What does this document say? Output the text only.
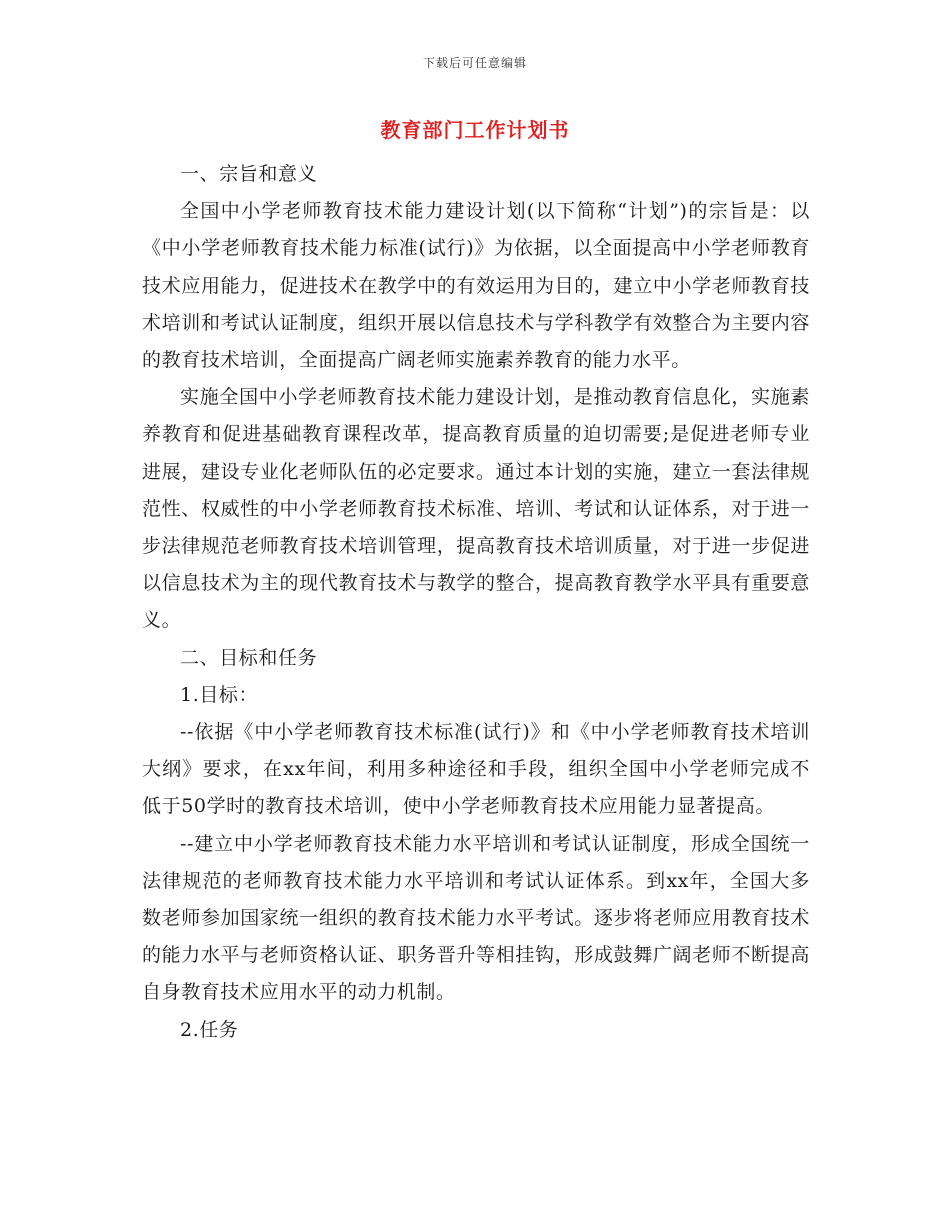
下载后可任意编辑
教育部门工作计划书

一、宗旨和意义

全国中小学老师教育技术能力建设计划(以下简称“计划”)的宗旨是：以《中小学老师教育技术能力标准(试行)》为依据，以全面提高中小学老师教育技术应用能力，促进技术在教学中的有效运用为目的，建立中小学老师教育技术培训和考试认证制度，组织开展以信息技术与学科教学有效整合为主要内容的教育技术培训，全面提高广阔老师实施素养教育的能力水平。

实施全国中小学老师教育技术能力建设计划，是推动教育信息化，实施素养教育和促进基础教育课程改革，提高教育质量的迫切需要;是促进老师专业进展，建设专业化老师队伍的必定要求。通过本计划的实施，建立一套法律规范性、权威性的中小学老师教育技术标准、培训、考试和认证体系，对于进一步法律规范老师教育技术培训管理，提高教育技术培训质量，对于进一步促进以信息技术为主的现代教育技术与教学的整合，提高教育教学水平具有重要意义。

二、目标和任务

1.目标：

--依据《中小学老师教育技术标准(试行)》和《中小学老师教育技术培训大纲》要求，在xx年间，利用多种途径和手段，组织全国中小学老师完成不低于50学时的教育技术培训，使中小学老师教育技术应用能力显著提高。

--建立中小学老师教育技术能力水平培训和考试认证制度，形成全国统一法律规范的老师教育技术能力水平培训和考试认证体系。到xx年，全国大多数老师参加国家统一组织的教育技术能力水平考试。逐步将老师应用教育技术的能力水平与老师资格认证、职务晋升等相挂钩，形成鼓舞广阔老师不断提高自身教育技术应用水平的动力机制。

2.任务
